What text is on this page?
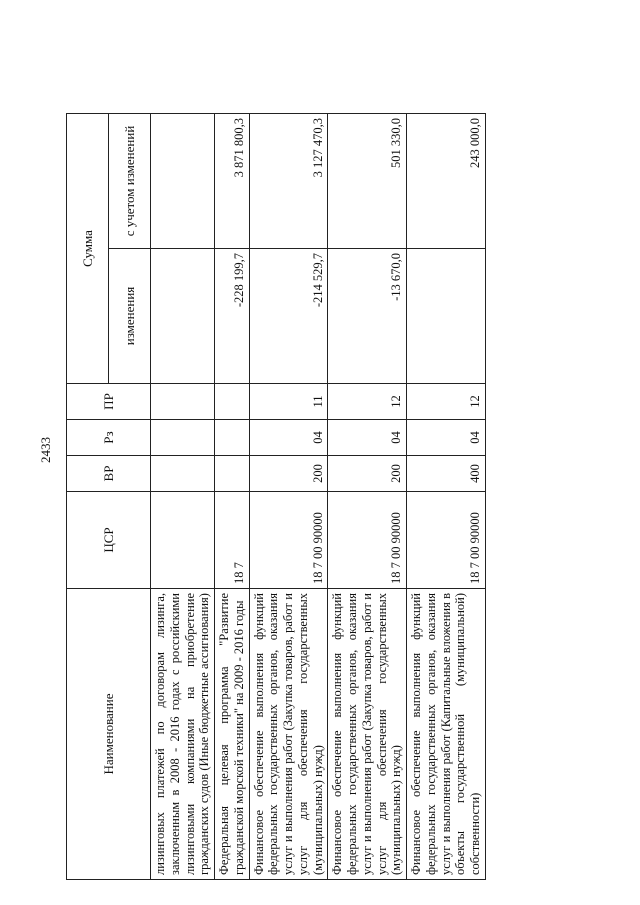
2433
Наименование	ЦСР	ВР	Рз	ПР	Сумма	
					изменения	с учетом изменений
лизинговых платежей по договорам лизинга, заключенным в 2008 - 2016 годах с российскими лизинговыми компаниями на приобретение гражданских судов (Иные бюджетные ассигнования)						
Федеральная целевая программа "Развитие гражданской морской техники" на 2009 - 2016 годы	18 7				-228 199,7	3 871 800,3
Финансовое обеспечение выполнения функций федеральных государственных органов, оказания услуг и выполнения работ (Закупка товаров, работ и услуг для обеспечения государственных (муниципальных) нужд)	18 7 00 90000	200	04	11	-214 529,7	3 127 470,3
Финансовое обеспечение выполнения функций федеральных государственных органов, оказания услуг и выполнения работ (Закупка товаров, работ и услуг для обеспечения государственных (муниципальных) нужд)	18 7 00 90000	200	04	12	-13 670,0	501 330,0
Финансовое обеспечение выполнения функций федеральных государственных органов, оказания услуг и выполнения работ (Капитальные вложения в объекты государственной (муниципальной) собственности)	18 7 00 90000	400	04	12		243 000,0
